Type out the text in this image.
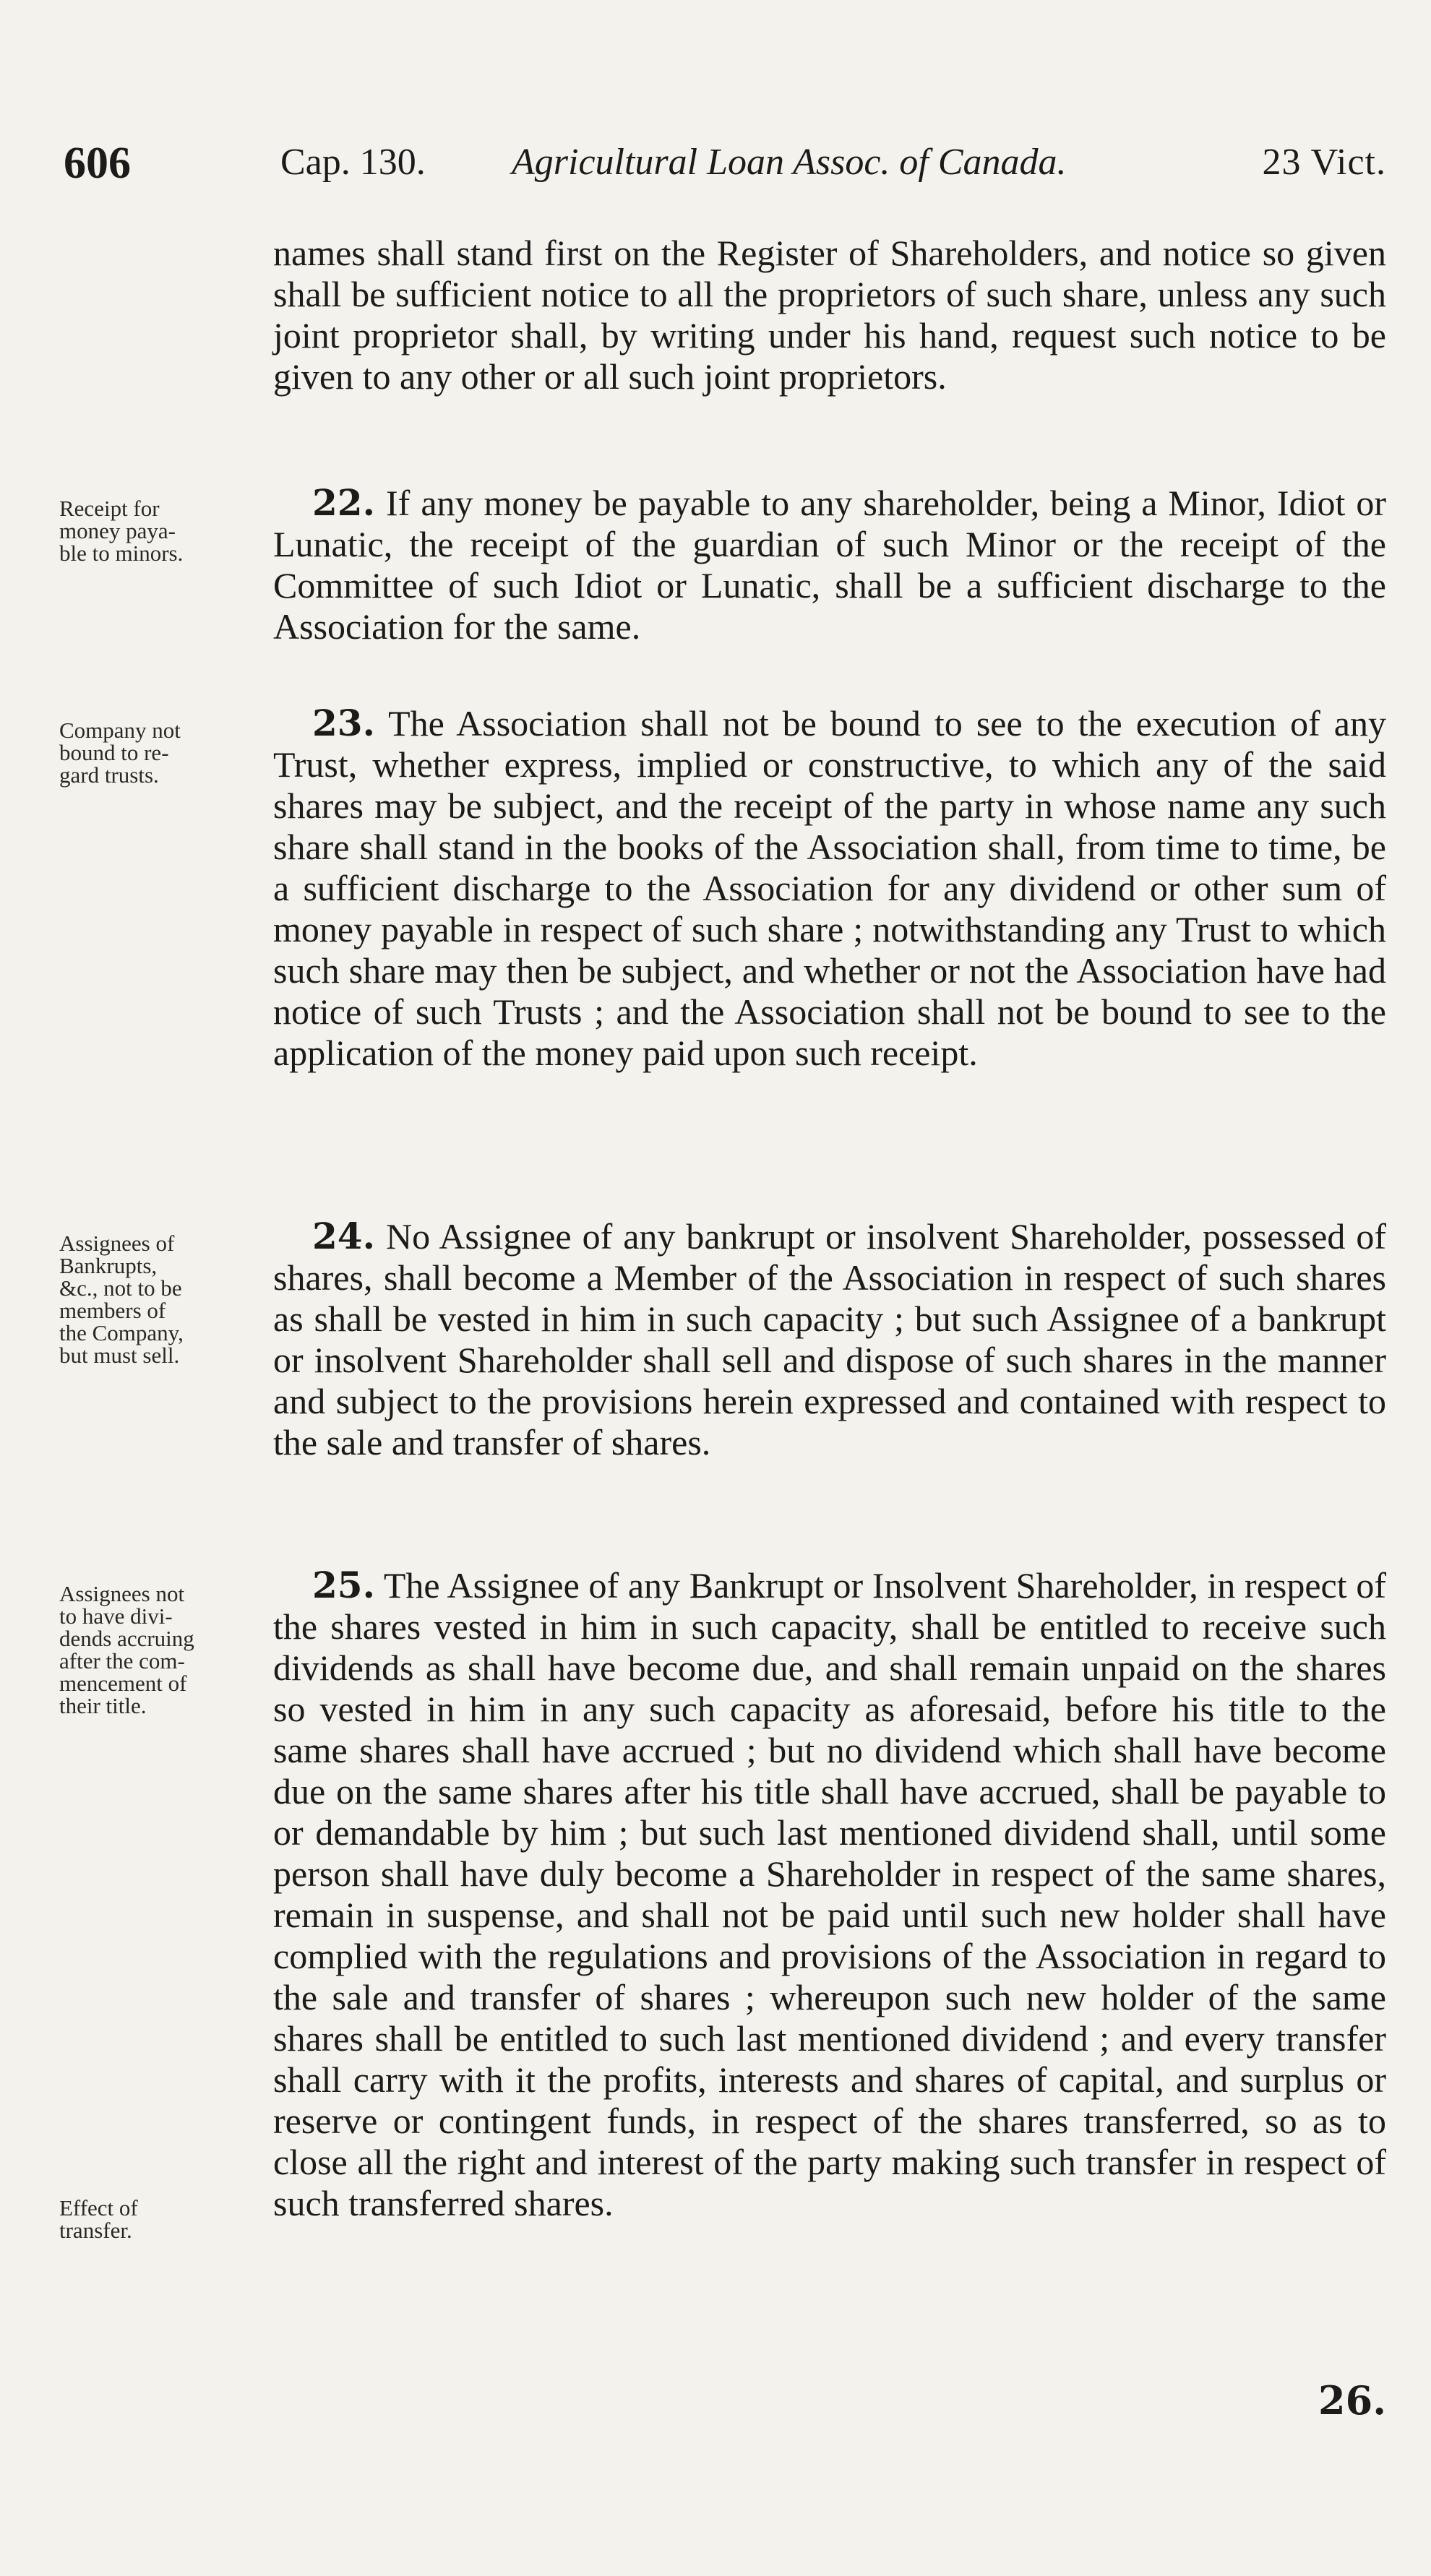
606	Cap. 130. Agricultural Loan Assoc. of Canada.	23 Vict.

names shall stand first on the Register of Shareholders, and notice so given shall be sufficient notice to all the proprietors of such share, unless any such joint proprietor shall, by writing under his hand, request such notice to be given to any other or all such joint proprietors.

Receipt for
money paya-
ble to minors.

22. If any money be payable to any shareholder, being a Minor, Idiot or Lunatic, the receipt of the guardian of such Minor or the receipt of the Committee of such Idiot or Lunatic, shall be a sufficient discharge to the Association for the same.

Company not
bound to re-
gard trusts.

23. The Association shall not be bound to see to the execution of any Trust, whether express, implied or constructive, to which any of the said shares may be subject, and the receipt of the party in whose name any such share shall stand in the books of the Association shall, from time to time, be a sufficient discharge to the Association for any dividend or other sum of money payable in respect of such share ; notwithstanding any Trust to which such share may then be subject, and whether or not the Association have had notice of such Trusts ; and the Association shall not be bound to see to the application of the money paid upon such receipt.

Assignees of
Bankrupts,
&c., not to be
members of
the Company,
but must sell.

24. No Assignee of any bankrupt or insolvent Shareholder, possessed of shares, shall become a Member of the Association in respect of such shares as shall be vested in him in such capacity ; but such Assignee of a bankrupt or insolvent Shareholder shall sell and dispose of such shares in the manner and subject to the provisions herein expressed and contained with respect to the sale and transfer of shares.

Assignees not
to have divi-
dends accruing
after the com-
mencement of
their title.
Effect of
transfer.

25. The Assignee of any Bankrupt or Insolvent Shareholder, in respect of the shares vested in him in such capacity, shall be entitled to receive such dividends as shall have become due, and shall remain unpaid on the shares so vested in him in any such capacity as aforesaid, before his title to the same shares shall have accrued ; but no dividend which shall have become due on the same shares after his title shall have accrued, shall be payable to or demandable by him ; but such last mentioned dividend shall, until some person shall have duly become a Shareholder in respect of the same shares, remain in suspense, and shall not be paid until such new holder shall have complied with the regulations and provisions of the Association in regard to the sale and transfer of shares ; whereupon such new holder of the same shares shall be entitled to such last mentioned dividend ; and every transfer shall carry with it the profits, interests and shares of capital, and surplus or reserve or contingent funds, in respect of the shares transferred, so as to close all the right and interest of the party making such transfer in respect of such transferred shares.

26.
